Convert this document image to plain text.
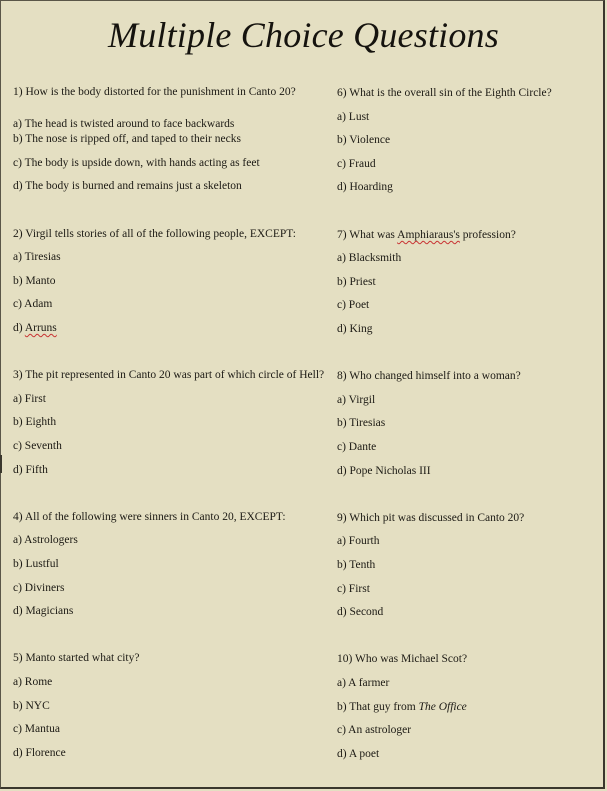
Multiple Choice Questions
1) How is the body distorted for the punishment in Canto 20?
a) The head is twisted around to face backwards
b) The nose is ripped off, and taped to their necks
c) The body is upside down, with hands acting as feet
d) The body is burned and remains just a skeleton
2) Virgil tells stories of all of the following people, EXCEPT:
a) Tiresias
b) Manto
c) Adam
d) Arruns
3) The pit represented in Canto 20 was part of which circle of Hell?
a) First
b) Eighth
c) Seventh
d) Fifth
4) All of the following were sinners in Canto 20, EXCEPT:
a) Astrologers
b) Lustful
c) Diviners
d) Magicians
5) Manto started what city?
a) Rome
b) NYC
c) Mantua
d) Florence
6) What is the overall sin of the Eighth Circle?
a) Lust
b) Violence
c) Fraud
d) Hoarding
7) What was Amphiaraus's profession?
a) Blacksmith
b) Priest
c) Poet
d) King
8) Who changed himself into a woman?
a) Virgil
b) Tiresias
c) Dante
d) Pope Nicholas III
9) Which pit was discussed in Canto 20?
a) Fourth
b) Tenth
c) First
d) Second
10) Who was Michael Scot?
a) A farmer
b) That guy from The Office
c) An astrologer
d) A poet
